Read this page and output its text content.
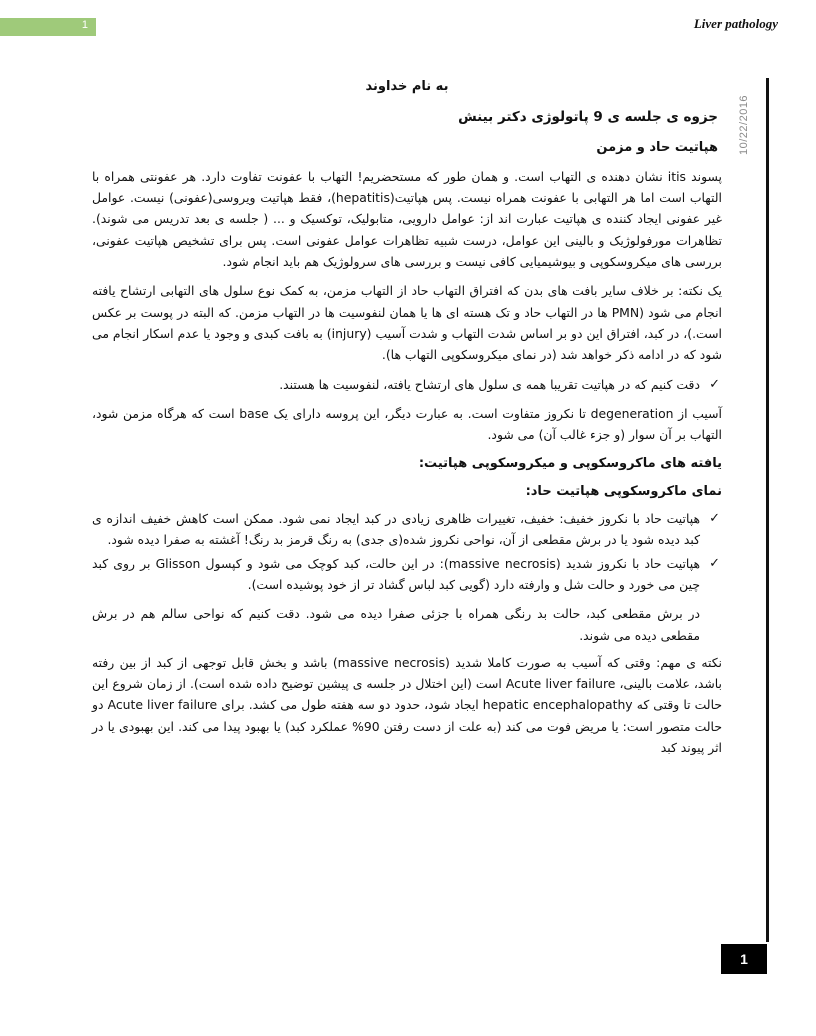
1	Liver pathology
10/22/2016
به نام خداوند
جزوه ی جلسه ی 9 پاتولوژی دکتر بینش
هپاتیت حاد و مزمن

پسوند itis نشان دهنده ی التهاب است. و همان طور که مستحضریم! التهاب با عفونت تفاوت دارد. هر عفونتی همراه با التهاب است اما هر التهابی با عفونت همراه نیست. پس هپاتیت(hepatitis)، فقط هپاتیت ویروسی(عفونی) نیست. عوامل غیر عفونی ایجاد کننده ی هپاتیت عبارت اند از: عوامل دارویی، متابولیک، توکسیک و ... ( جلسه ی بعد تدریس می شوند). تظاهرات مورفولوژیک و بالینی این عوامل، درست شبیه تظاهرات عوامل عفونی است. پس برای تشخیص هپاتیت عفونی، بررسی های میکروسکوپی و بیوشیمیایی کافی نیست و بررسی های سرولوژیک هم باید انجام شود.

یک نکته: بر خلاف سایر بافت های بدن که افتراق التهاب حاد از التهاب مزمن، به کمک نوع سلول های التهابی ارتشاح یافته انجام می شود (PMN ها در التهاب حاد و تک هسته ای ها یا همان لنفوسیت ها در التهاب مزمن. که البته در پوست بر عکس است.)، در کبد، افتراق این دو بر اساس شدت التهاب و شدت آسیب (injury) به بافت کبدی و وجود یا عدم اسکار انجام می شود که در ادامه ذکر خواهد شد (در نمای میکروسکوپی التهاب ها).

✓
دقت کنیم که در هپاتیت تقریبا همه ی سلول های ارتشاح یافته، لنفوسیت ها هستند.

آسیب از degeneration تا نکروز متفاوت است. به عبارت دیگر، این پروسه دارای یک base است که هرگاه مزمن شود، التهاب بر آن سوار (و جزء غالب آن) می شود.

یافته های ماکروسکوپی و میکروسکوپی هپاتیت:
نمای ماکروسکوپی هپاتیت حاد:
✓
هپاتیت حاد با نکروز خفیف: خفیف، تغییرات ظاهری زیادی در کبد ایجاد نمی شود. ممکن است کاهش خفیف اندازه ی کبد دیده شود یا در برش مقطعی از آن، نواحی نکروز شده(ی جدی) به رنگ قرمز بد رنگ! آغشته به صفرا دیده شود.
✓
هپاتیت حاد با نکروز شدید (massive necrosis): در این حالت، کبد کوچک می شود و کپسول Glisson بر روی کبد چین می خورد و حالت شل و وارفته دارد (گویی کبد لباس گشاد تر از خود پوشیده است).

در برش مقطعی کبد، حالت بد رنگی همراه با جزئی صفرا دیده می شود. دقت کنیم که نواحی سالم هم در برش مقطعی دیده می شوند.

نکته ی مهم: وقتی که آسیب به صورت کاملا شدید (massive necrosis) باشد و بخش قابل توجهی از کبد از بین رفته باشد، علامت بالینی، Acute liver failure است (این اختلال در جلسه ی پیشین توضیح داده شده است). از زمان شروع این حالت تا وقتی که hepatic encephalopathy ایجاد شود، حدود دو سه هفته طول می کشد. برای Acute liver failure دو حالت متصور است: یا مریض فوت می کند (به علت از دست رفتن 90% عملکرد کبد) یا بهبود پیدا می کند. این بهبودی یا در اثر پیوند کبد

1
